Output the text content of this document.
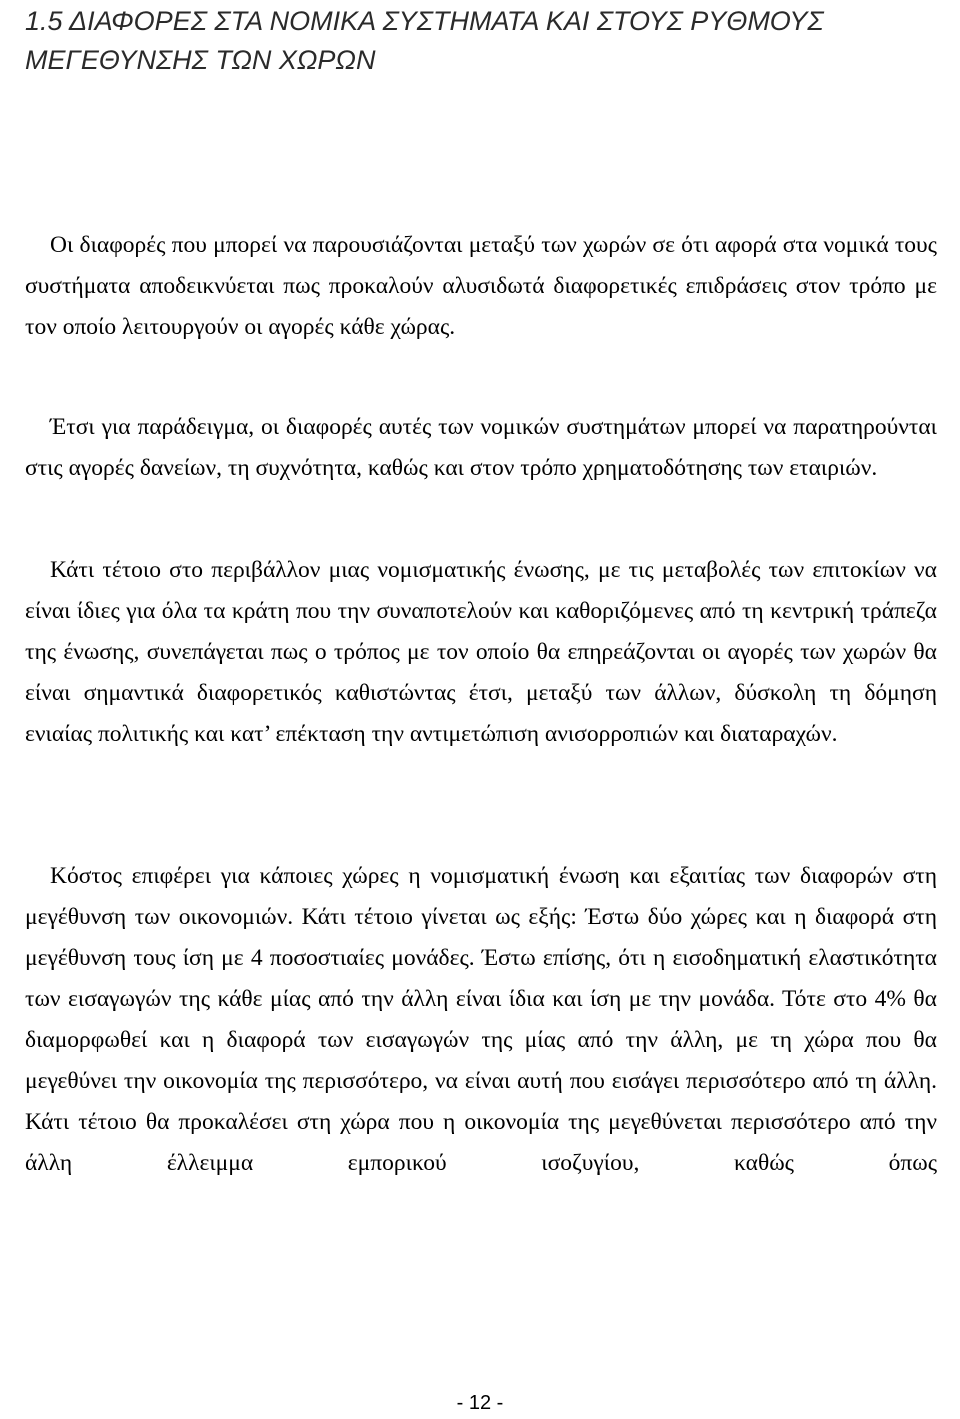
1.5 ΔΙΑΦΟΡΕΣ ΣΤΑ ΝΟΜΙΚΑ ΣΥΣΤΗΜΑΤΑ ΚΑΙ ΣΤΟΥΣ ΡΥΘΜΟΥΣ ΜΕΓΕΘΥΝΣΗΣ ΤΩΝ ΧΩΡΩΝ

Οι διαφορές που μπορεί να παρουσιάζονται μεταξύ των χωρών σε ότι αφορά στα νομικά τους συστήματα αποδεικνύεται πως προκαλούν αλυσιδωτά διαφορετικές επιδράσεις στον τρόπο με τον οποίο λειτουργούν οι αγορές κάθε χώρας.

Έτσι για παράδειγμα, οι διαφορές αυτές των νομικών συστημάτων μπορεί να παρατηρούνται στις αγορές δανείων, τη συχνότητα, καθώς και στον τρόπο χρηματοδότησης των εταιριών.

Κάτι τέτοιο στο περιβάλλον μιας νομισματικής ένωσης, με τις μεταβολές των επιτοκίων να είναι ίδιες για όλα τα κράτη που την συναποτελούν και καθοριζόμενες από τη κεντρική τράπεζα της ένωσης, συνεπάγεται πως ο τρόπος με τον οποίο θα επηρεάζονται οι αγορές των χωρών θα είναι σημαντικά διαφορετικός καθιστώντας έτσι, μεταξύ των άλλων, δύσκολη τη δόμηση ενιαίας πολιτικής και κατ’ επέκταση την αντιμετώπιση ανισορροπιών και διαταραχών.

Κόστος επιφέρει για κάποιες χώρες η νομισματική ένωση και εξαιτίας των διαφορών στη μεγέθυνση των οικονομιών. Κάτι τέτοιο γίνεται ως εξής: Έστω δύο χώρες και η διαφορά στη μεγέθυνση τους ίση με 4 ποσοστιαίες μονάδες. Έστω επίσης, ότι η εισοδηματική ελαστικότητα των εισαγωγών της κάθε μίας από την άλλη είναι ίδια και ίση με την μονάδα. Τότε στο 4% θα διαμορφωθεί και η διαφορά των εισαγωγών της μίας από την άλλη, με τη χώρα που θα μεγεθύνει την οικονομία της περισσότερο, να είναι αυτή που εισάγει περισσότερο από τη άλλη. Κάτι τέτοιο θα προκαλέσει στη χώρα που η οικονομία της μεγεθύνεται περισσότερο από την άλλη έλλειμμα εμπορικού ισοζυγίου, καθώς όπως

- 12 -
